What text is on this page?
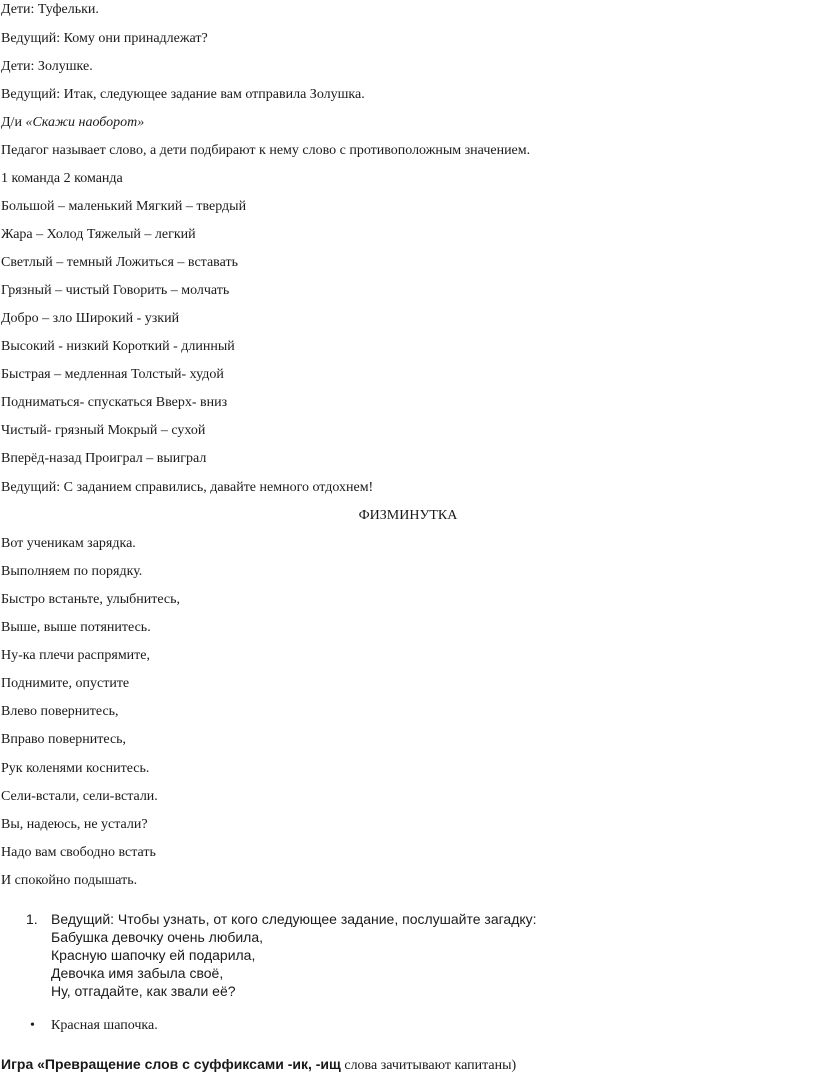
Дети: Туфельки.
Ведущий: Кому они принадлежат?
Дети: Золушке.
Ведущий: Итак, следующее задание вам отправила Золушка.
Д/и «Скажи наоборот»
Педагог называет слово, а дети подбирают к нему слово с противоположным значением.
1 команда 2 команда
Большой – маленький Мягкий – твердый
Жара – Холод Тяжелый – легкий
Светлый – темный Ложиться – вставать
Грязный – чистый Говорить – молчать
Добро – зло Широкий - узкий
Высокий - низкий Короткий - длинный
Быстрая – медленная Толстый- худой
Подниматься- спускаться Вверх- вниз
Чистый- грязный Мокрый – сухой
Вперёд-назад Проиграл – выиграл
Ведущий: С заданием справились, давайте немного отдохнем!
ФИЗМИНУТКА
Вот ученикам зарядка.
Выполняем по порядку.
Быстро встаньте, улыбнитесь,
Выше, выше потянитесь.
Ну-ка плечи распрямите,
Поднимите, опустите
Влево повернитесь,
Вправо повернитесь,
Рук коленями коснитесь.
Сели-встали, сели-встали.
Вы, надеюсь, не устали?
Надо вам свободно встать
И спокойно подышать.
1. Ведущий: Чтобы узнать, от кого следующее задание, послушайте загадку:
Бабушка девочку очень любила,
Красную шапочку ей подарила,
Девочка имя забыла своё,
Ну, отгадайте, как звали её?
• Красная шапочка.
Игра «Превращение слов с суффиксами -ик, -ищ слова зачитывают капитаны)
